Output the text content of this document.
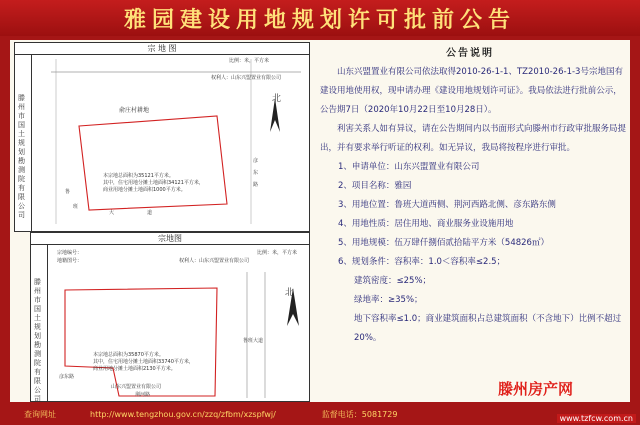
雅园建设用地规划许可批前公告
宗 地 图
滕州市国土规划勘测院有限公司
比例：米，平方米
权利人：山东兴盟置业有限公司
俞庄村耕地
北
本宗地总面积为35121平方米。
其中，住宅用地分摊土地面积34121平方米，
商业用地分摊土地面积1000平方米。
鲁
班
大	道
彦
东
路
宗地图
滕州市国土规划勘测院有限公司
宗地编号：
地籍图号：	权利人：山东兴盟置业有限公司
比例：米，平方米
北
本宗地总面积为35870平方米。
其中，住宅用地分摊土地面积33740平方米，
商业用地分摊土地面积2130平方米。
山东兴盟置业有限公司
鲁班大道
彦东路
荆河路
公告说明

山东兴盟置业有限公司依法取得2010-26-1-1、TZ2010-26-1-3号宗地国有建设用地使用权，现申请办理《建设用地规划许可证》。我局依法进行批前公示，公告期7日（2020年10月22日至10月28日）。

利害关系人如有异议，请在公告期间内以书面形式向滕州市行政审批服务局提出，并有要求举行听证的权利。如无异议，我局将按程序进行审批。

1、申请单位：山东兴盟置业有限公司

2、项目名称：雅园

3、用地位置：鲁班大道西侧、荆河西路北侧、彦东路东侧

4、用地性质：居住用地、商业服务业设施用地

5、用地规模：伍万肆仟捌佰贰拾陆平方米（54826㎡）

6、规划条件：容积率：1.0＜容积率≤2.5；

建筑密度：≤25%；

绿地率：≥35%；

地下容积率≤1.0；商业建筑面积占总建筑面积（不含地下）比例不超过20%。

滕州房产网
查询网址	http://www.tengzhou.gov.cn/zzq/zfbm/xzspfwj/	监督电话： 5081729	www.tzfcw.com.cn
